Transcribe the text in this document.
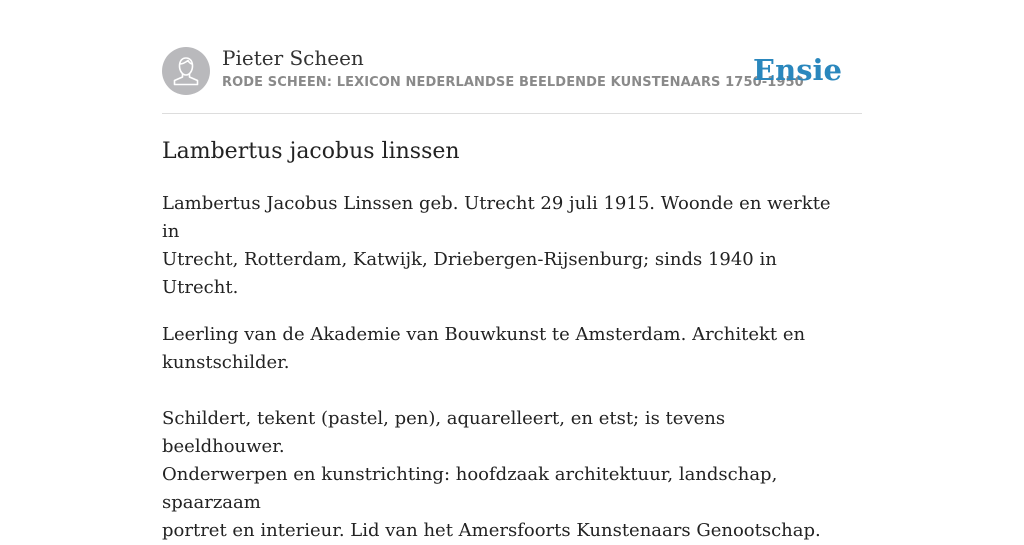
Pieter Scheen
RODE SCHEEN: LEXICON NEDERLANDSE BEELDENDE KUNSTENAARS 1750-1950
Ensie
Lambertus jacobus linssen

Lambertus Jacobus Linssen geb. Utrecht 29 juli 1915. Woonde en werkte in
Utrecht, Rotterdam, Katwijk, Driebergen-Rijsenburg; sinds 1940 in Utrecht.

Leerling van de Akademie van Bouwkunst te Amsterdam. Architekt en
kunstschilder.

Schildert, tekent (pastel, pen), aquarelleert, en etst; is tevens beeldhouwer.
Onderwerpen en kunstrichting: hoofdzaak architektuur, landschap, spaarzaam
portret en interieur. Lid van het Amersfoorts Kunstenaars Genootschap.
